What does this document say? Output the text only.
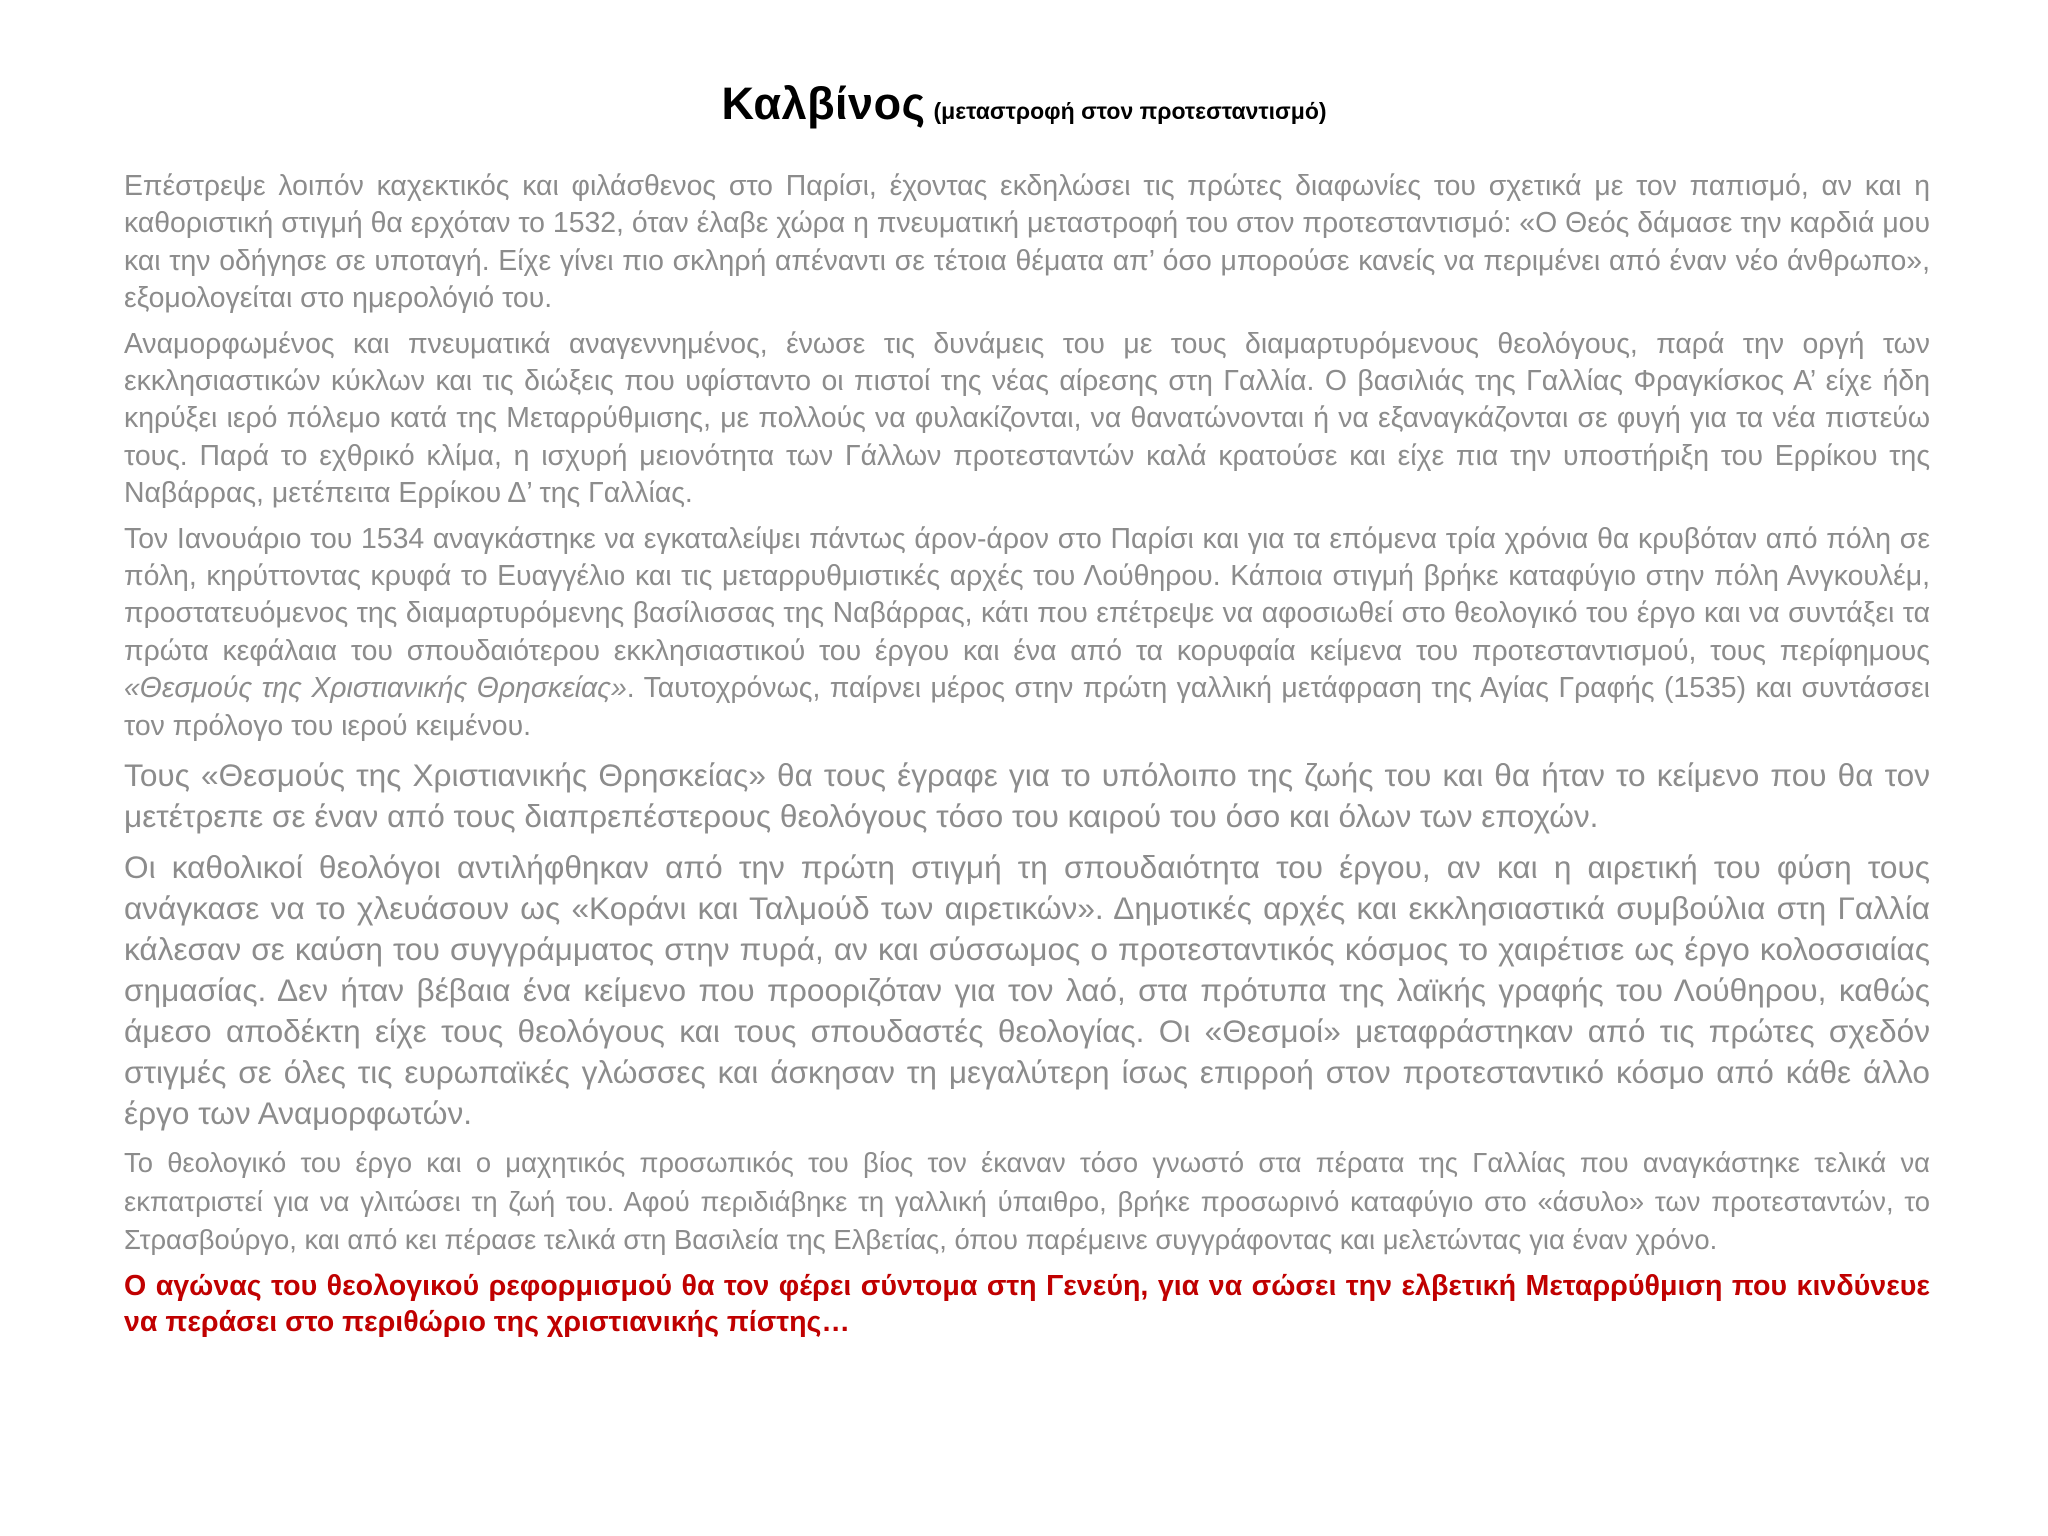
Καλβίνος (μεταστροφή στον προτεσταντισμό)

Επέστρεψε λοιπόν καχεκτικός και φιλάσθενος στο Παρίσι, έχοντας εκδηλώσει τις πρώτες διαφωνίες του σχετικά με τον παπισμό, αν και η καθοριστική στιγμή θα ερχόταν το 1532, όταν έλαβε χώρα η πνευματική μεταστροφή του στον προτεσταντισμό: «Ο Θεός δάμασε την καρδιά μου και την οδήγησε σε υποταγή. Είχε γίνει πιο σκληρή απέναντι σε τέτοια θέματα απ’ όσο μπορούσε κανείς να περιμένει από έναν νέο άνθρωπο», εξομολογείται στο ημερολόγιό του.

Αναμορφωμένος και πνευματικά αναγεννημένος, ένωσε τις δυνάμεις του με τους διαμαρτυρόμενους θεολόγους, παρά την οργή των εκκλησιαστικών κύκλων και τις διώξεις που υφίσταντο οι πιστοί της νέας αίρεσης στη Γαλλία. Ο βασιλιάς της Γαλλίας Φραγκίσκος Α’ είχε ήδη κηρύξει ιερό πόλεμο κατά της Μεταρρύθμισης, με πολλούς να φυλακίζονται, να θανατώνονται ή να εξαναγκάζονται σε φυγή για τα νέα πιστεύω τους. Παρά το εχθρικό κλίμα, η ισχυρή μειονότητα των Γάλλων προτεσταντών καλά κρατούσε και είχε πια την υποστήριξη του Ερρίκου της Ναβάρρας, μετέπειτα Ερρίκου Δ’ της Γαλλίας.

Τον Ιανουάριο του 1534 αναγκάστηκε να εγκαταλείψει πάντως άρον-άρον στο Παρίσι και για τα επόμενα τρία χρόνια θα κρυβόταν από πόλη σε πόλη, κηρύττοντας κρυφά το Ευαγγέλιο και τις μεταρρυθμιστικές αρχές του Λούθηρου. Κάποια στιγμή βρήκε καταφύγιο στην πόλη Ανγκουλέμ, προστατευόμενος της διαμαρτυρόμενης βασίλισσας της Ναβάρρας, κάτι που επέτρεψε να αφοσιωθεί στο θεολογικό του έργο και να συντάξει τα πρώτα κεφάλαια του σπουδαιότερου εκκλησιαστικού του έργου και ένα από τα κορυφαία κείμενα του προτεσταντισμού, τους περίφημους «Θεσμούς της Χριστιανικής Θρησκείας». Ταυτοχρόνως, παίρνει μέρος στην πρώτη γαλλική μετάφραση της Αγίας Γραφής (1535) και συντάσσει τον πρόλογο του ιερού κειμένου.

Τους «Θεσμούς της Χριστιανικής Θρησκείας» θα τους έγραφε για το υπόλοιπο της ζωής του και θα ήταν το κείμενο που θα τον μετέτρεπε σε έναν από τους διαπρεπέστερους θεολόγους τόσο του καιρού του όσο και όλων των εποχών.

Οι καθολικοί θεολόγοι αντιλήφθηκαν από την πρώτη στιγμή τη σπουδαιότητα του έργου, αν και η αιρετική του φύση τους ανάγκασε να το χλευάσουν ως «Κοράνι και Ταλμούδ των αιρετικών». Δημοτικές αρχές και εκκλησιαστικά συμβούλια στη Γαλλία κάλεσαν σε καύση του συγγράμματος στην πυρά, αν και σύσσωμος ο προτεσταντικός κόσμος το χαιρέτισε ως έργο κολοσσιαίας σημασίας. Δεν ήταν βέβαια ένα κείμενο που προοριζόταν για τον λαό, στα πρότυπα της λαϊκής γραφής του Λούθηρου, καθώς άμεσο αποδέκτη είχε τους θεολόγους και τους σπουδαστές θεολογίας. Οι «Θεσμοί» μεταφράστηκαν από τις πρώτες σχεδόν στιγμές σε όλες τις ευρωπαϊκές γλώσσες και άσκησαν τη μεγαλύτερη ίσως επιρροή στον προτεσταντικό κόσμο από κάθε άλλο έργο των Αναμορφωτών.

Το θεολογικό του έργο και ο μαχητικός προσωπικός του βίος τον έκαναν τόσο γνωστό στα πέρατα της Γαλλίας που αναγκάστηκε τελικά να εκπατριστεί για να γλιτώσει τη ζωή του. Αφού περιδιάβηκε τη γαλλική ύπαιθρο, βρήκε προσωρινό καταφύγιο στο «άσυλο» των προτεσταντών, το Στρασβούργο, και από κει πέρασε τελικά στη Βασιλεία της Ελβετίας, όπου παρέμεινε συγγράφοντας και μελετώντας για έναν χρόνο.

Ο αγώνας του θεολογικού ρεφορμισμού θα τον φέρει σύντομα στη Γενεύη, για να σώσει την ελβετική Μεταρρύθμιση που κινδύνευε να περάσει στο περιθώριο της χριστιανικής πίστης…
